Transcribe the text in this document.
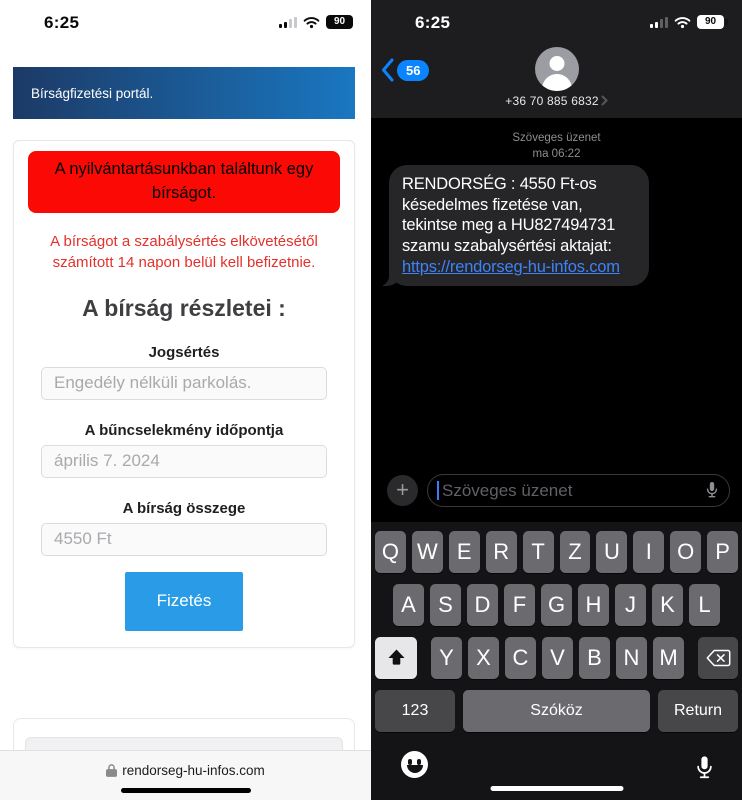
6:25	90
Bírságfizetési portál.
A nyilvántartásunkban találtunk egy bírságot.
A bírságot a szabálysértés elkövetésétől számított 14 napon belül kell befizetnie.
A bírság részletei :
Jogsértés
Engedély nélküli parkolás.
A bűncselekmény időpontja
április 7. 2024
A bírság összege
4550 Ft Fizetés
rendorseg-hu-infos.com
6:25	90
56
+36 70 885 6832
Szöveges üzenet
ma 06:22
RENDORSÉG : 4550 Ft-os késedelmes fizetése van, tekintse meg a HU827494731 szamu szabalysértési aktajat: https://rendorseg-hu-infos.com
+	Szöveges üzenet
Q W E R	T	Z	U	I	O P
A	S D	F G H	J	K	L
Y	X C V	B N M
123	Szóköz	Return
